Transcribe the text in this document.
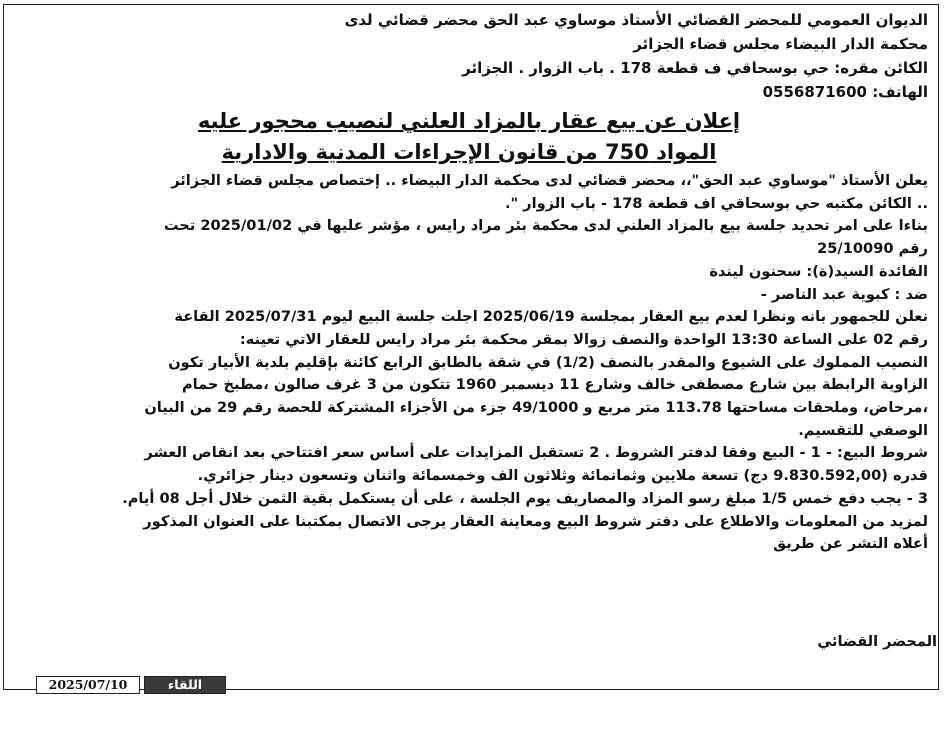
الديوان العمومي للمحضر القضائي الأستاذ موساوي عبد الحق محضر قضائي لدى
محكمة الدار البيضاء مجلس قضاء الجزائر
الكائن مقره: حي بوسحاقي ف قطعة 178 . باب الزوار . الجزائر
الهاتف: 0556871600
إعلان عن بيع عقار بالمزاد العلني لنصيب محجور عليه
المواد 750 من قانون الإجراءات المدنية والادارية
يعلن الأستاذ "موساوي عبد الحق"،، محضر قضائي لدى محكمة الدار البيضاء .. إختصاص مجلس قضاء الجزائر
.. الكائن مكتبه حي بوسحاقي اف قطعة 178 - باب الزوار ".
بناءا على امر تحديد جلسة بيع بالمزاد العلني لدى محكمة بئر مراد رايس ، مؤشر عليها في 2025/01/02 تحت
رقم 25/10090
الفائدة السيد(ة): سحنون ليندة
ضد : كبوية عبد الناصر -
نعلن للجمهور بانه ونظرا لعدم بيع العقار بمجلسة 2025/06/19 اجلت جلسة البيع ليوم 2025/07/31 القاعة
رقم 02 على الساعة 13:30 الواحدة والنصف زوالا بمقر محكمة بئر مراد رايس للعقار الاتي تعينه:
النصيب المملوك على الشيوع والمقدر بالنصف (1/2) في شقة بالطابق الرابع كائنة بإقليم بلدية الأبيار تكون
الزاوية الرابطة بين شارع مصطفى خالف وشارع 11 ديسمبر 1960 تتكون من 3 غرف صالون ،مطبخ حمام
،مرحاض، وملحقات مساحتها 113.78 متر مربع و 49/1000 جزء من الأجزاء المشتركة للحصة رقم 29 من البيان
الوصفي للتقسيم.
شروط البيع: - 1 - البيع وفقا لدفتر الشروط . 2 تستقبل المزايدات على أساس سعر افتتاحي بعد انقاص العشر
قدره (9.830.592,00 دج) تسعة ملايين وثمانمائة وثلاثون الف وخمسمائة واثنان وتسعون دينار جزائري.
3 - يجب دفع خمس 1/5 مبلغ رسو المزاد والمصاريف يوم الجلسة ، على أن يستكمل بقية الثمن خلال أجل 08 أيام.
لمزيد من المعلومات والاطلاع على دفتر شروط البيع ومعاينة العقار يرجى الاتصال بمكتبنا على العنوان المذكور
أعلاه النشر عن طريق
المحضر القضائي
2025/07/10	اللقاء
